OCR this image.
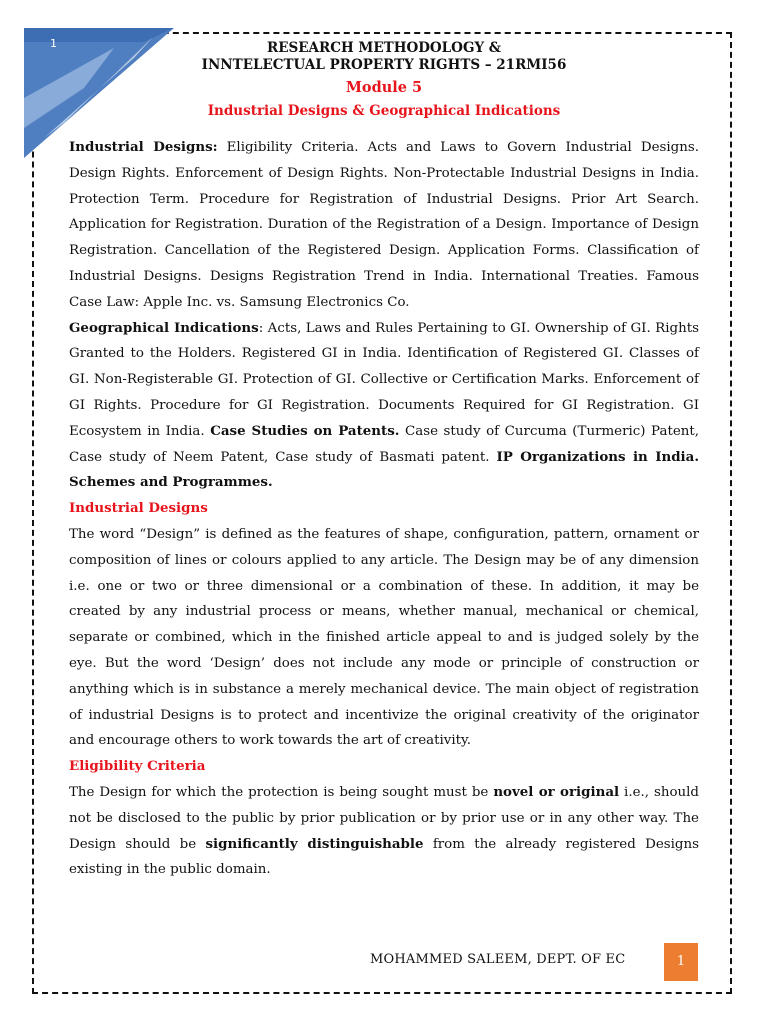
1	RESEARCH METHODOLOGY &
INNTELECTUAL PROPERTY RIGHTS – 21RMI56
Module 5
Industrial Designs & Geographical Indications

Industrial Designs: Eligibility Criteria. Acts and Laws to Govern Industrial Designs. Design Rights. Enforcement of Design Rights. Non-Protectable Industrial Designs in India. Protection Term. Procedure for Registration of Industrial Designs. Prior Art Search. Application for Registration. Duration of the Registration of a Design. Importance of Design Registration. Cancellation of the Registered Design. Application Forms. Classification of Industrial Designs. Designs Registration Trend in India. International Treaties. Famous Case Law: Apple Inc. vs. Samsung Electronics Co.

Geographical Indications: Acts, Laws and Rules Pertaining to GI. Ownership of GI. Rights Granted to the Holders. Registered GI in India. Identification of Registered GI. Classes of GI. Non-Registerable GI. Protection of GI. Collective or Certification Marks. Enforcement of GI Rights. Procedure for GI Registration. Documents Required for GI Registration. GI Ecosystem in India. Case Studies on Patents. Case study of Curcuma (Turmeric) Patent, Case study of Neem Patent, Case study of Basmati patent. IP Organizations in India. Schemes and Programmes.

Industrial Designs

The word “Design” is defined as the features of shape, configuration, pattern, ornament or composition of lines or colours applied to any article. The Design may be of any dimension i.e. one or two or three dimensional or a combination of these. In addition, it may be created by any industrial process or means, whether manual, mechanical or chemical, separate or combined, which in the finished article appeal to and is judged solely by the eye. But the word ‘Design’ does not include any mode or principle of construction or anything which is in substance a merely mechanical device. The main object of registration of industrial Designs is to protect and incentivize the original creativity of the originator and encourage others to work towards the art of creativity.

Eligibility Criteria

The Design for which the protection is being sought must be novel or original i.e., should not be disclosed to the public by prior publication or by prior use or in any other way. The Design should be significantly distinguishable from the already registered Designs existing in the public domain.

MOHAMMED SALEEM, DEPT. OF EC	1
